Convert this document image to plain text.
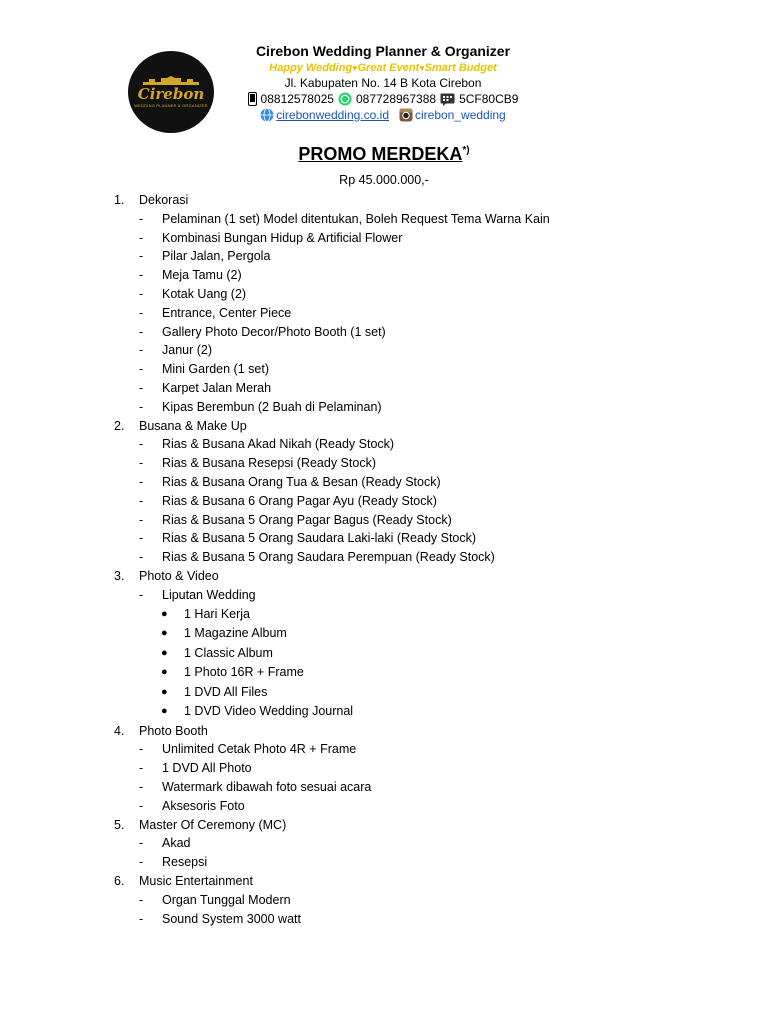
Cirebon
WEDDING PLANNER & ORGANIZER
Cirebon Wedding Planner & Organizer
Happy Wedding♥Great Event♥Smart Budget
Jl. Kabupaten No. 14 B Kota Cirebon
08812578025 087728967388 5CF80CB9
cirebonwedding.co.id cirebon_wedding
PROMO MERDEKA*)
Rp 45.000.000,-
1.	Dekorasi
-	Pelaminan (1 set) Model ditentukan, Boleh Request Tema Warna Kain
-	Kombinasi Bungan Hidup & Artificial Flower
-	Pilar Jalan, Pergola
-	Meja Tamu (2)
-	Kotak Uang (2)
-	Entrance, Center Piece
-	Gallery Photo Decor/Photo Booth (1 set)
-	Janur (2)
-	Mini Garden (1 set)
-	Karpet Jalan Merah
-	Kipas Berembun (2 Buah di Pelaminan)
2.	Busana & Make Up
-	Rias & Busana Akad Nikah (Ready Stock)
-	Rias & Busana Resepsi (Ready Stock)
-	Rias & Busana Orang Tua & Besan (Ready Stock)
-	Rias & Busana 6 Orang Pagar Ayu (Ready Stock)
-	Rias & Busana 5 Orang Pagar Bagus (Ready Stock)
-	Rias & Busana 5 Orang Saudara Laki-laki (Ready Stock)
-	Rias & Busana 5 Orang Saudara Perempuan (Ready Stock)
3.	Photo & Video
-	Liputan Wedding
●	1 Hari Kerja
●	1 Magazine Album
●	1 Classic Album
●	1 Photo 16R + Frame
●	1 DVD All Files
●	1 DVD Video Wedding Journal
4.	Photo Booth
-	Unlimited Cetak Photo 4R + Frame
-	1 DVD All Photo
-	Watermark dibawah foto sesuai acara
-	Aksesoris Foto
5.	Master Of Ceremony (MC)
-	Akad
-	Resepsi
6.	Music Entertainment
-	Organ Tunggal Modern
-	Sound System 3000 watt
